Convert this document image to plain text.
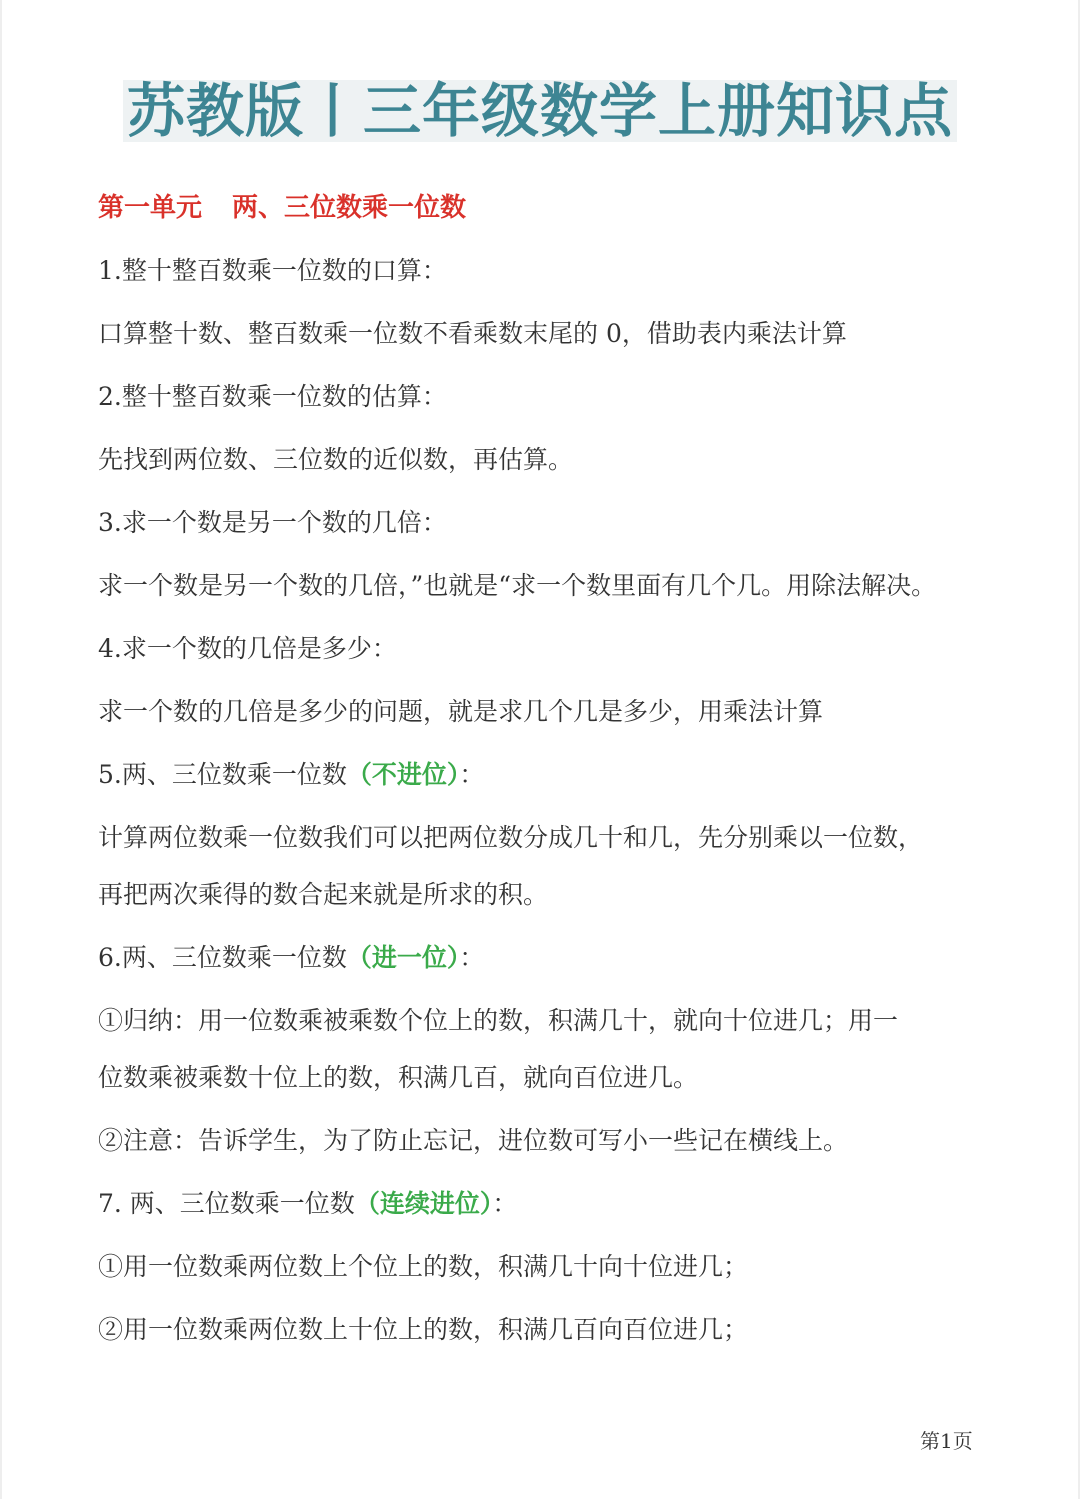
苏教版丨三年级数学上册知识点
第一单元 两、三位数乘一位数
1.整十整百数乘一位数的口算：
口算整十数、整百数乘一位数不看乘数末尾的 0，借助表内乘法计算
2.整十整百数乘一位数的估算：
先找到两位数、三位数的近似数，再估算。
3.求一个数是另一个数的几倍：
求一个数是另一个数的几倍，”也就是“求一个数里面有几个几。用除法解决。
4.求一个数的几倍是多少：
求一个数的几倍是多少的问题，就是求几个几是多少，用乘法计算
5.两、三位数乘一位数（不进位）：
计算两位数乘一位数我们可以把两位数分成几十和几，先分别乘以一位数，
再把两次乘得的数合起来就是所求的积。
6.两、三位数乘一位数（进一位）：
①归纳：用一位数乘被乘数个位上的数，积满几十，就向十位进几；用一
位数乘被乘数十位上的数，积满几百，就向百位进几。
②注意：告诉学生，为了防止忘记，进位数可写小一些记在横线上。
7. 两、三位数乘一位数（连续进位）：
①用一位数乘两位数上个位上的数，积满几十向十位进几；
②用一位数乘两位数上十位上的数，积满几百向百位进几；
第1页
